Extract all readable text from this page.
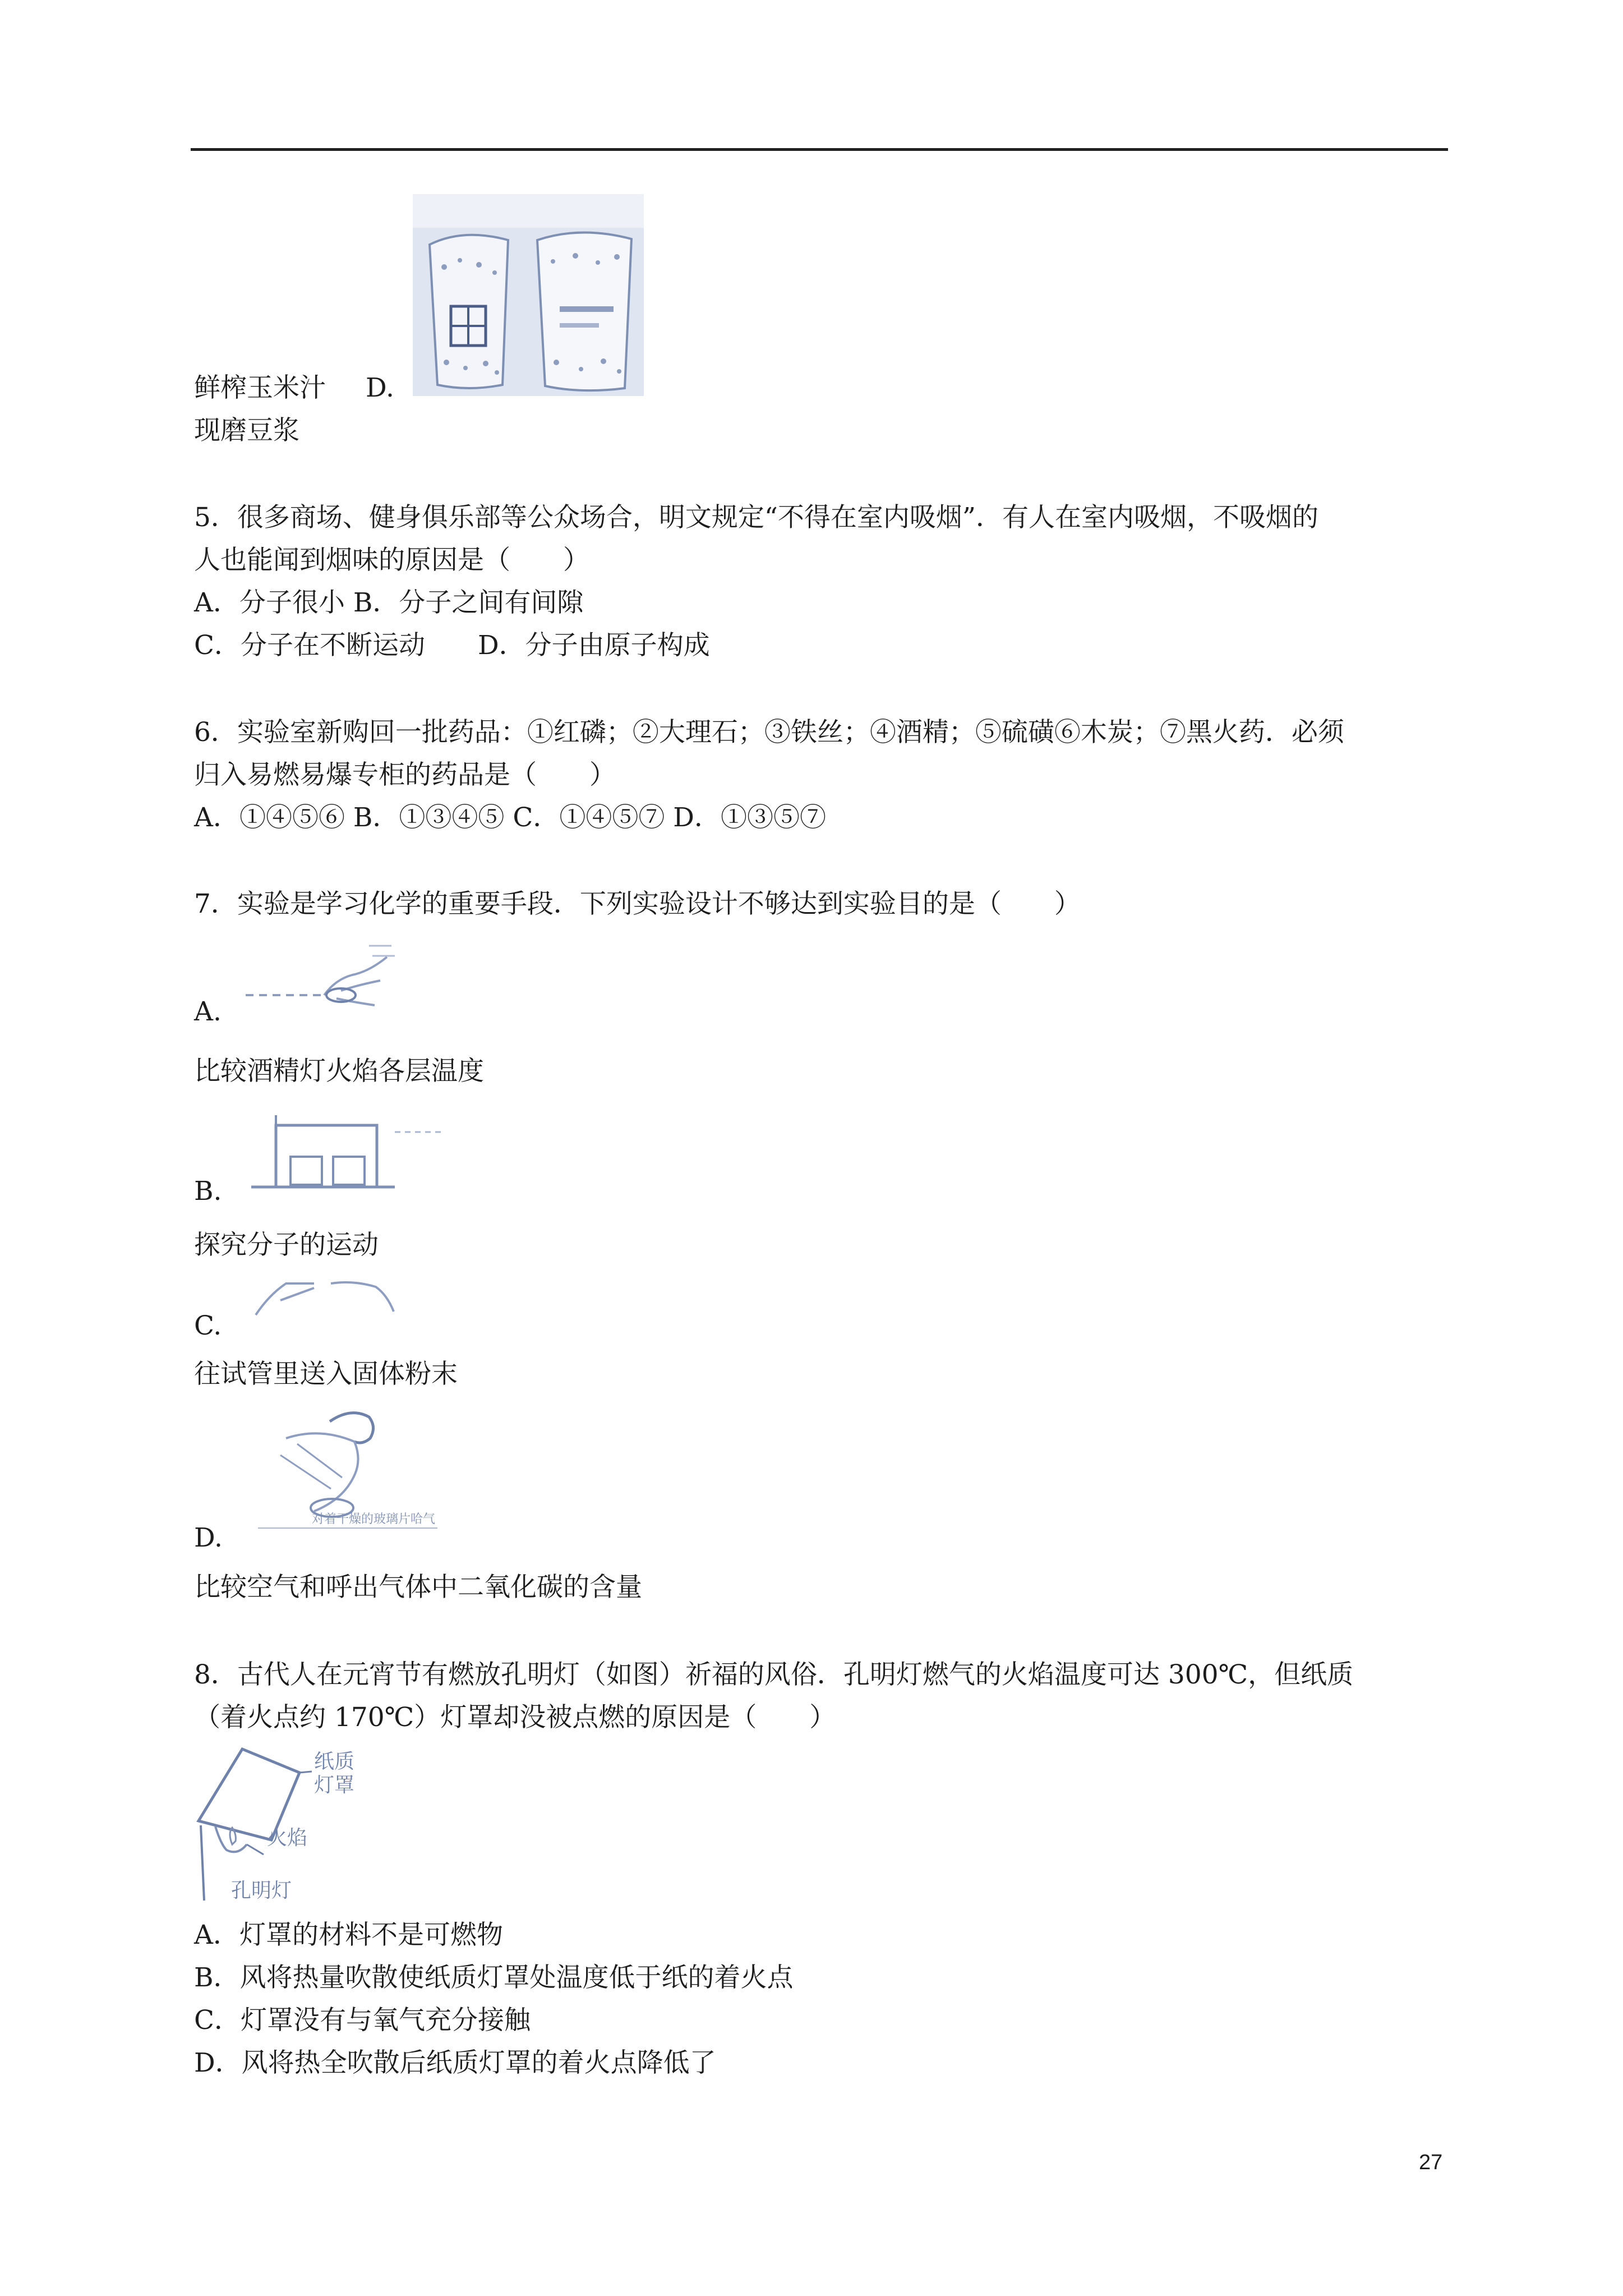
鲜榨玉米汁 D.
现磨豆浆
5．很多商场、健身俱乐部等公众场合，明文规定“不得在室内吸烟”．有人在室内吸烟，不吸烟的
人也能闻到烟味的原因是（　　）
A．分子很小 B．分子之间有间隙
C．分子在不断运动　　D．分子由原子构成
6．实验室新购回一批药品：①红磷；②大理石；③铁丝；④酒精；⑤硫磺⑥木炭；⑦黑火药．必须
归入易燃易爆专柜的药品是（　　）
A．①④⑤⑥ B．①③④⑤ C．①④⑤⑦ D．①③⑤⑦
7．实验是学习化学的重要手段．下列实验设计不够达到实验目的是（　　）
A.
比较酒精灯火焰各层温度
B.
探究分子的运动
C.
往试管里送入固体粉末
对着干燥的玻璃片哈气
D.
比较空气和呼出气体中二氧化碳的含量
8．古代人在元宵节有燃放孔明灯（如图）祈福的风俗．孔明灯燃气的火焰温度可达 300℃，但纸质
（着火点约 170℃）灯罩却没被点燃的原因是（　　）
纸质灯罩
火焰
孔明灯
A．灯罩的材料不是可燃物
B．风将热量吹散使纸质灯罩处温度低于纸的着火点
C．灯罩没有与氧气充分接触
D．风将热全吹散后纸质灯罩的着火点降低了
27
